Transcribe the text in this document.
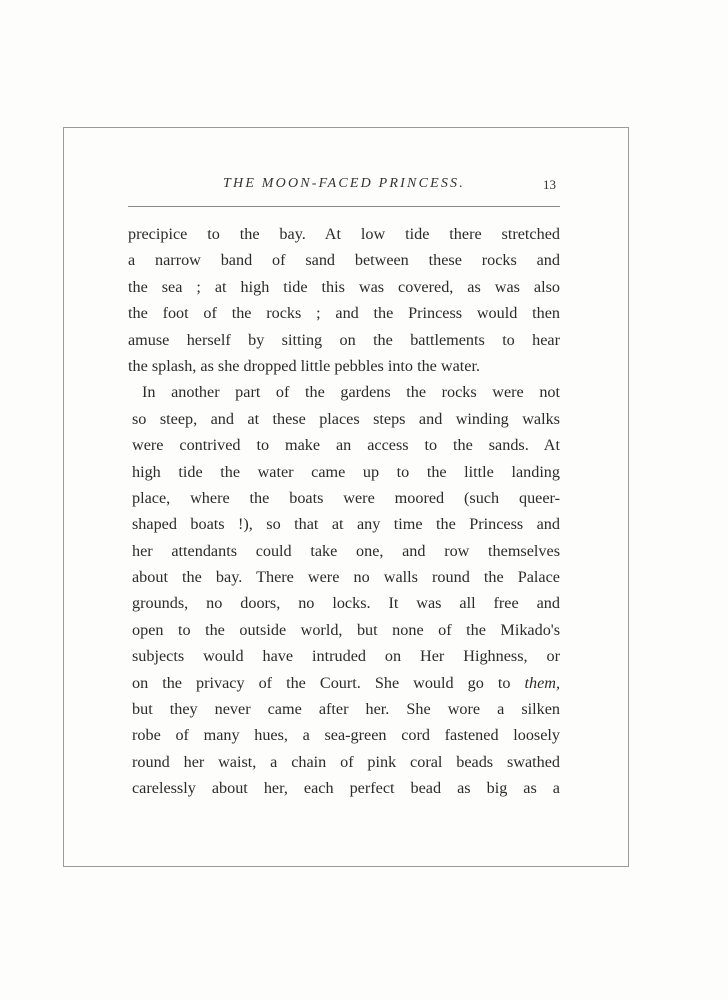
THE MOON-FACED PRINCESS.	13
precipice to the bay. At low tide there stretched
a narrow band of sand between these rocks and
the sea ; at high tide this was covered, as was also
the foot of the rocks ; and the Princess would then
amuse herself by sitting on the battlements to hear
the splash, as she dropped little pebbles into the water.
In another part of the gardens the rocks were not
so steep, and at these places steps and winding walks
were contrived to make an access to the sands. At
high tide the water came up to the little landing
place, where the boats were moored (such queer-
shaped boats !), so that at any time the Princess and
her attendants could take one, and row themselves
about the bay. There were no walls round the Palace
grounds, no doors, no locks. It was all free and
open to the outside world, but none of the Mikado's
subjects would have intruded on Her Highness, or
on the privacy of the Court. She would go to them,
but they never came after her. She wore a silken
robe of many hues, a sea-green cord fastened loosely
round her waist, a chain of pink coral beads swathed
carelessly about her, each perfect bead as big as a
